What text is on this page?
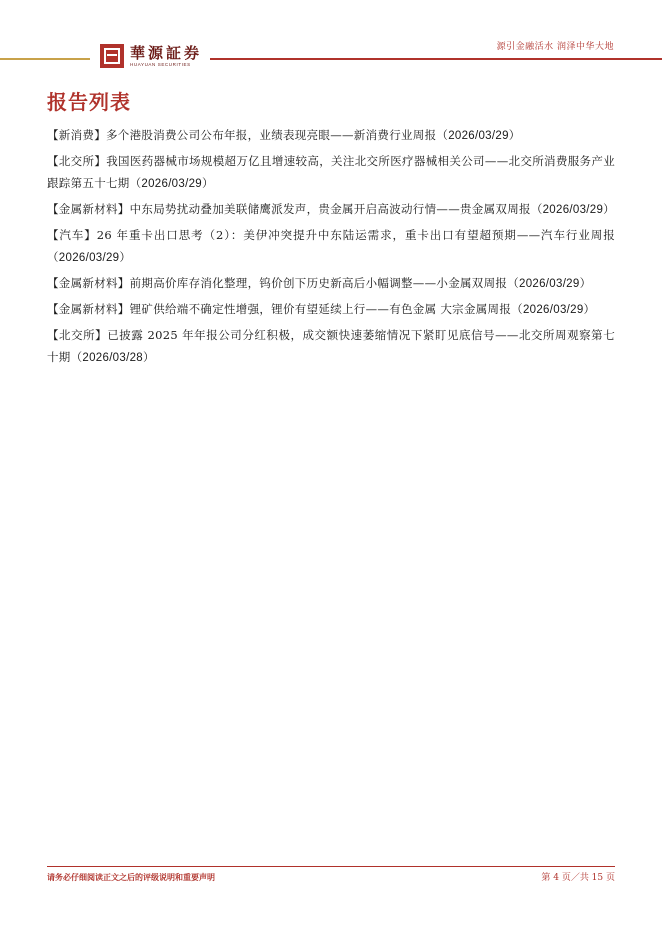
華源証券
HUAYUAN SECURITIES
源引金融活水 润泽中华大地
报告列表
【新消费】多个港股消费公司公布年报，业绩表现亮眼——新消费行业周报（2026/03/29）
【北交所】我国医药器械市场规模超万亿且增速较高，关注北交所医疗器械相关公司——北交所消费服务产业跟踪第五十七期（2026/03/29）
【金属新材料】中东局势扰动叠加美联储鹰派发声，贵金属开启高波动行情——贵金属双周报（2026/03/29）
【汽车】26 年重卡出口思考（2）：美伊冲突提升中东陆运需求，重卡出口有望超预期——汽车行业周报（2026/03/29）
【金属新材料】前期高价库存消化整理，钨价创下历史新高后小幅调整——小金属双周报（2026/03/29）
【金属新材料】锂矿供给端不确定性增强，锂价有望延续上行——有色金属 大宗金属周报（2026/03/29）
【北交所】已披露 2025 年年报公司分红积极，成交额快速萎缩情况下紧盯见底信号——北交所周观察第七十期（2026/03/28）
请务必仔细阅读正文之后的评级说明和重要声明	第 4 页／共 15 页
